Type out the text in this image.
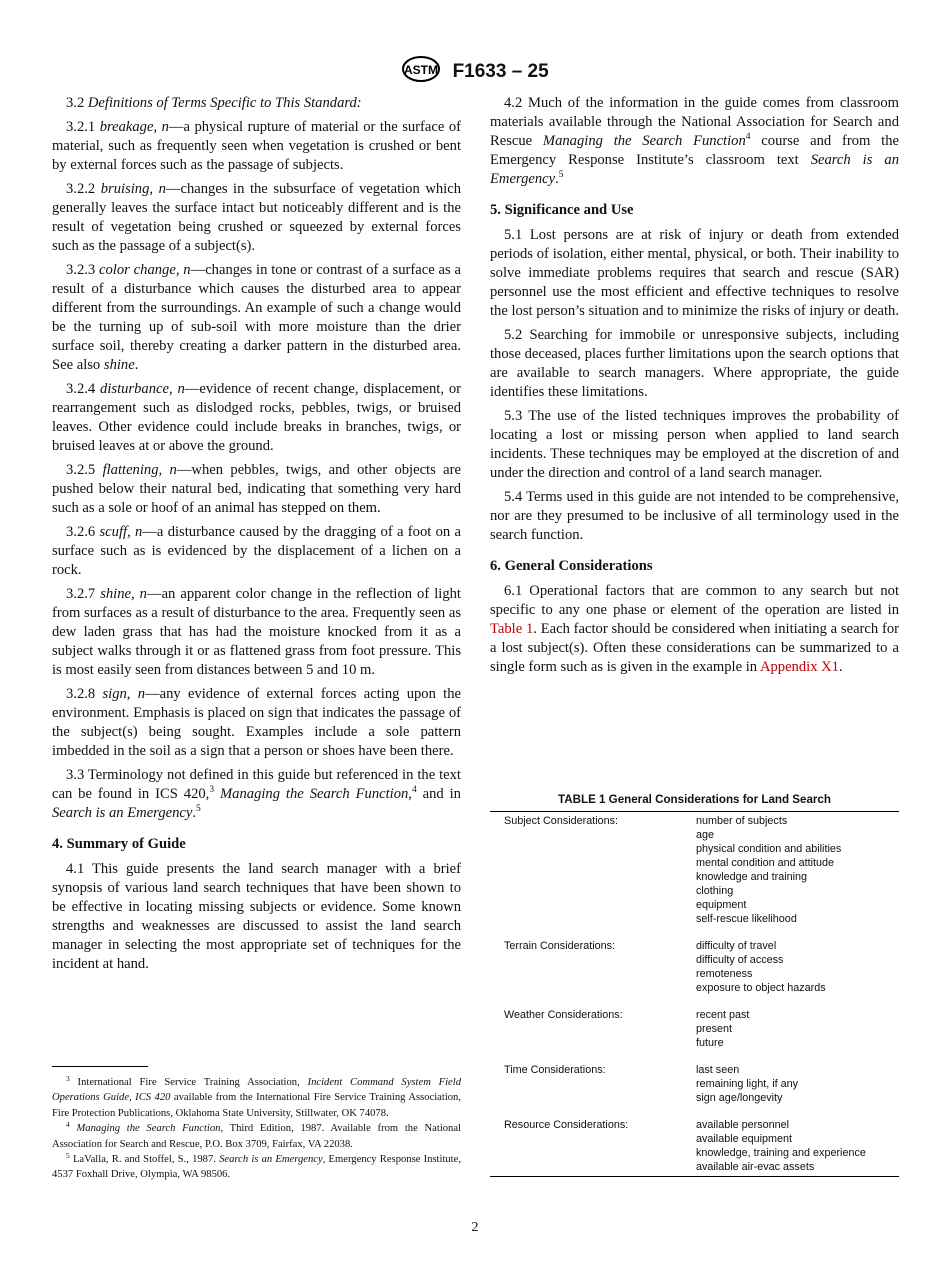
ASTM F1633 – 25
3.2 Definitions of Terms Specific to This Standard:
3.2.1 breakage, n—a physical rupture of material or the surface of material, such as frequently seen when vegetation is crushed or bent by external forces such as the passage of subjects.
3.2.2 bruising, n—changes in the subsurface of vegetation which generally leaves the surface intact but noticeably different and is the result of vegetation being crushed or squeezed by external forces such as the passage of a subject(s).
3.2.3 color change, n—changes in tone or contrast of a surface as a result of a disturbance which causes the disturbed area to appear different from the surroundings. An example of such a change would be the turning up of sub-soil with more moisture than the drier surface soil, thereby creating a darker pattern in the disturbed area. See also shine.
3.2.4 disturbance, n—evidence of recent change, displacement, or rearrangement such as dislodged rocks, pebbles, twigs, or bruised leaves. Other evidence could include breaks in branches, twigs, or bruised leaves at or above the ground.
3.2.5 flattening, n—when pebbles, twigs, and other objects are pushed below their natural bed, indicating that something very hard such as a sole or hoof of an animal has stepped on them.
3.2.6 scuff, n—a disturbance caused by the dragging of a foot on a surface such as is evidenced by the displacement of a lichen on a rock.
3.2.7 shine, n—an apparent color change in the reflection of light from surfaces as a result of disturbance to the area. Frequently seen as dew laden grass that has had the moisture knocked from it as a subject walks through it or as flattened grass from foot pressure. This is most easily seen from distances between 5 and 10 m.
3.2.8 sign, n—any evidence of external forces acting upon the environment. Emphasis is placed on sign that indicates the passage of the subject(s) being sought. Examples include a sole pattern imbedded in the soil as a sign that a person or shoes have been there.
3.3 Terminology not defined in this guide but referenced in the text can be found in ICS 420,$^3$ Managing the Search Function,$^4$ and in Search is an Emergency.$^5$
4. Summary of Guide
4.1 This guide presents the land search manager with a brief synopsis of various land search techniques that have been shown to be effective in locating missing subjects or evidence. Some known strengths and weaknesses are discussed to assist the land search manager in selecting the most appropriate set of techniques for the incident at hand.
4.2 Much of the information in the guide comes from classroom materials available through the National Association for Search and Rescue Managing the Search Function$^4$ course and from the Emergency Response Institute’s classroom text Search is an Emergency.$^5$
5. Significance and Use
5.1 Lost persons are at risk of injury or death from extended periods of isolation, either mental, physical, or both. Their inability to solve immediate problems requires that search and rescue (SAR) personnel use the most efficient and effective techniques to resolve the lost person’s situation and to minimize the risks of injury or death.
5.2 Searching for immobile or unresponsive subjects, including those deceased, places further limitations upon the search options that are available to search managers. Where appropriate, the guide identifies these limitations.
5.3 The use of the listed techniques improves the probability of locating a lost or missing person when applied to land search incidents. These techniques may be employed at the discretion of and under the direction and control of a land search manager.
5.4 Terms used in this guide are not intended to be comprehensive, nor are they presumed to be inclusive of all terminology used in the search function.
6. General Considerations
6.1 Operational factors that are common to any search but not specific to any one phase or element of the operation are listed in Table 1. Each factor should be considered when initiating a search for a lost subject(s). Often these considerations can be summarized to a single form such as is given in the example in Appendix X1.
TABLE 1 General Considerations for Land Search
Subject Considerations:	number of subjects
age
physical condition and abilities
mental condition and attitude
knowledge and training
clothing
equipment
self-rescue likelihood
Terrain Considerations:	difficulty of travel
difficulty of access
remoteness
exposure to object hazards
Weather Considerations:	recent past
present
future
Time Considerations:	last seen
remaining light, if any
sign age/longevity
Resource Considerations:	available personnel
available equipment
knowledge, training and experience
available air-evac assets
$^3$ International Fire Service Training Association, Incident Command System Field Operations Guide, ICS 420 available from the International Fire Service Training Association, Fire Protection Publications, Oklahoma State University, Stillwater, OK 74078.
$^4$ Managing the Search Function, Third Edition, 1987. Available from the National Association for Search and Rescue, P.O. Box 3709, Fairfax, VA 22038.
$^5$ LaValla, R. and Stoffel, S., 1987. Search is an Emergency, Emergency Response Institute, 4537 Foxhall Drive, Olympia, WA 98506.
2
